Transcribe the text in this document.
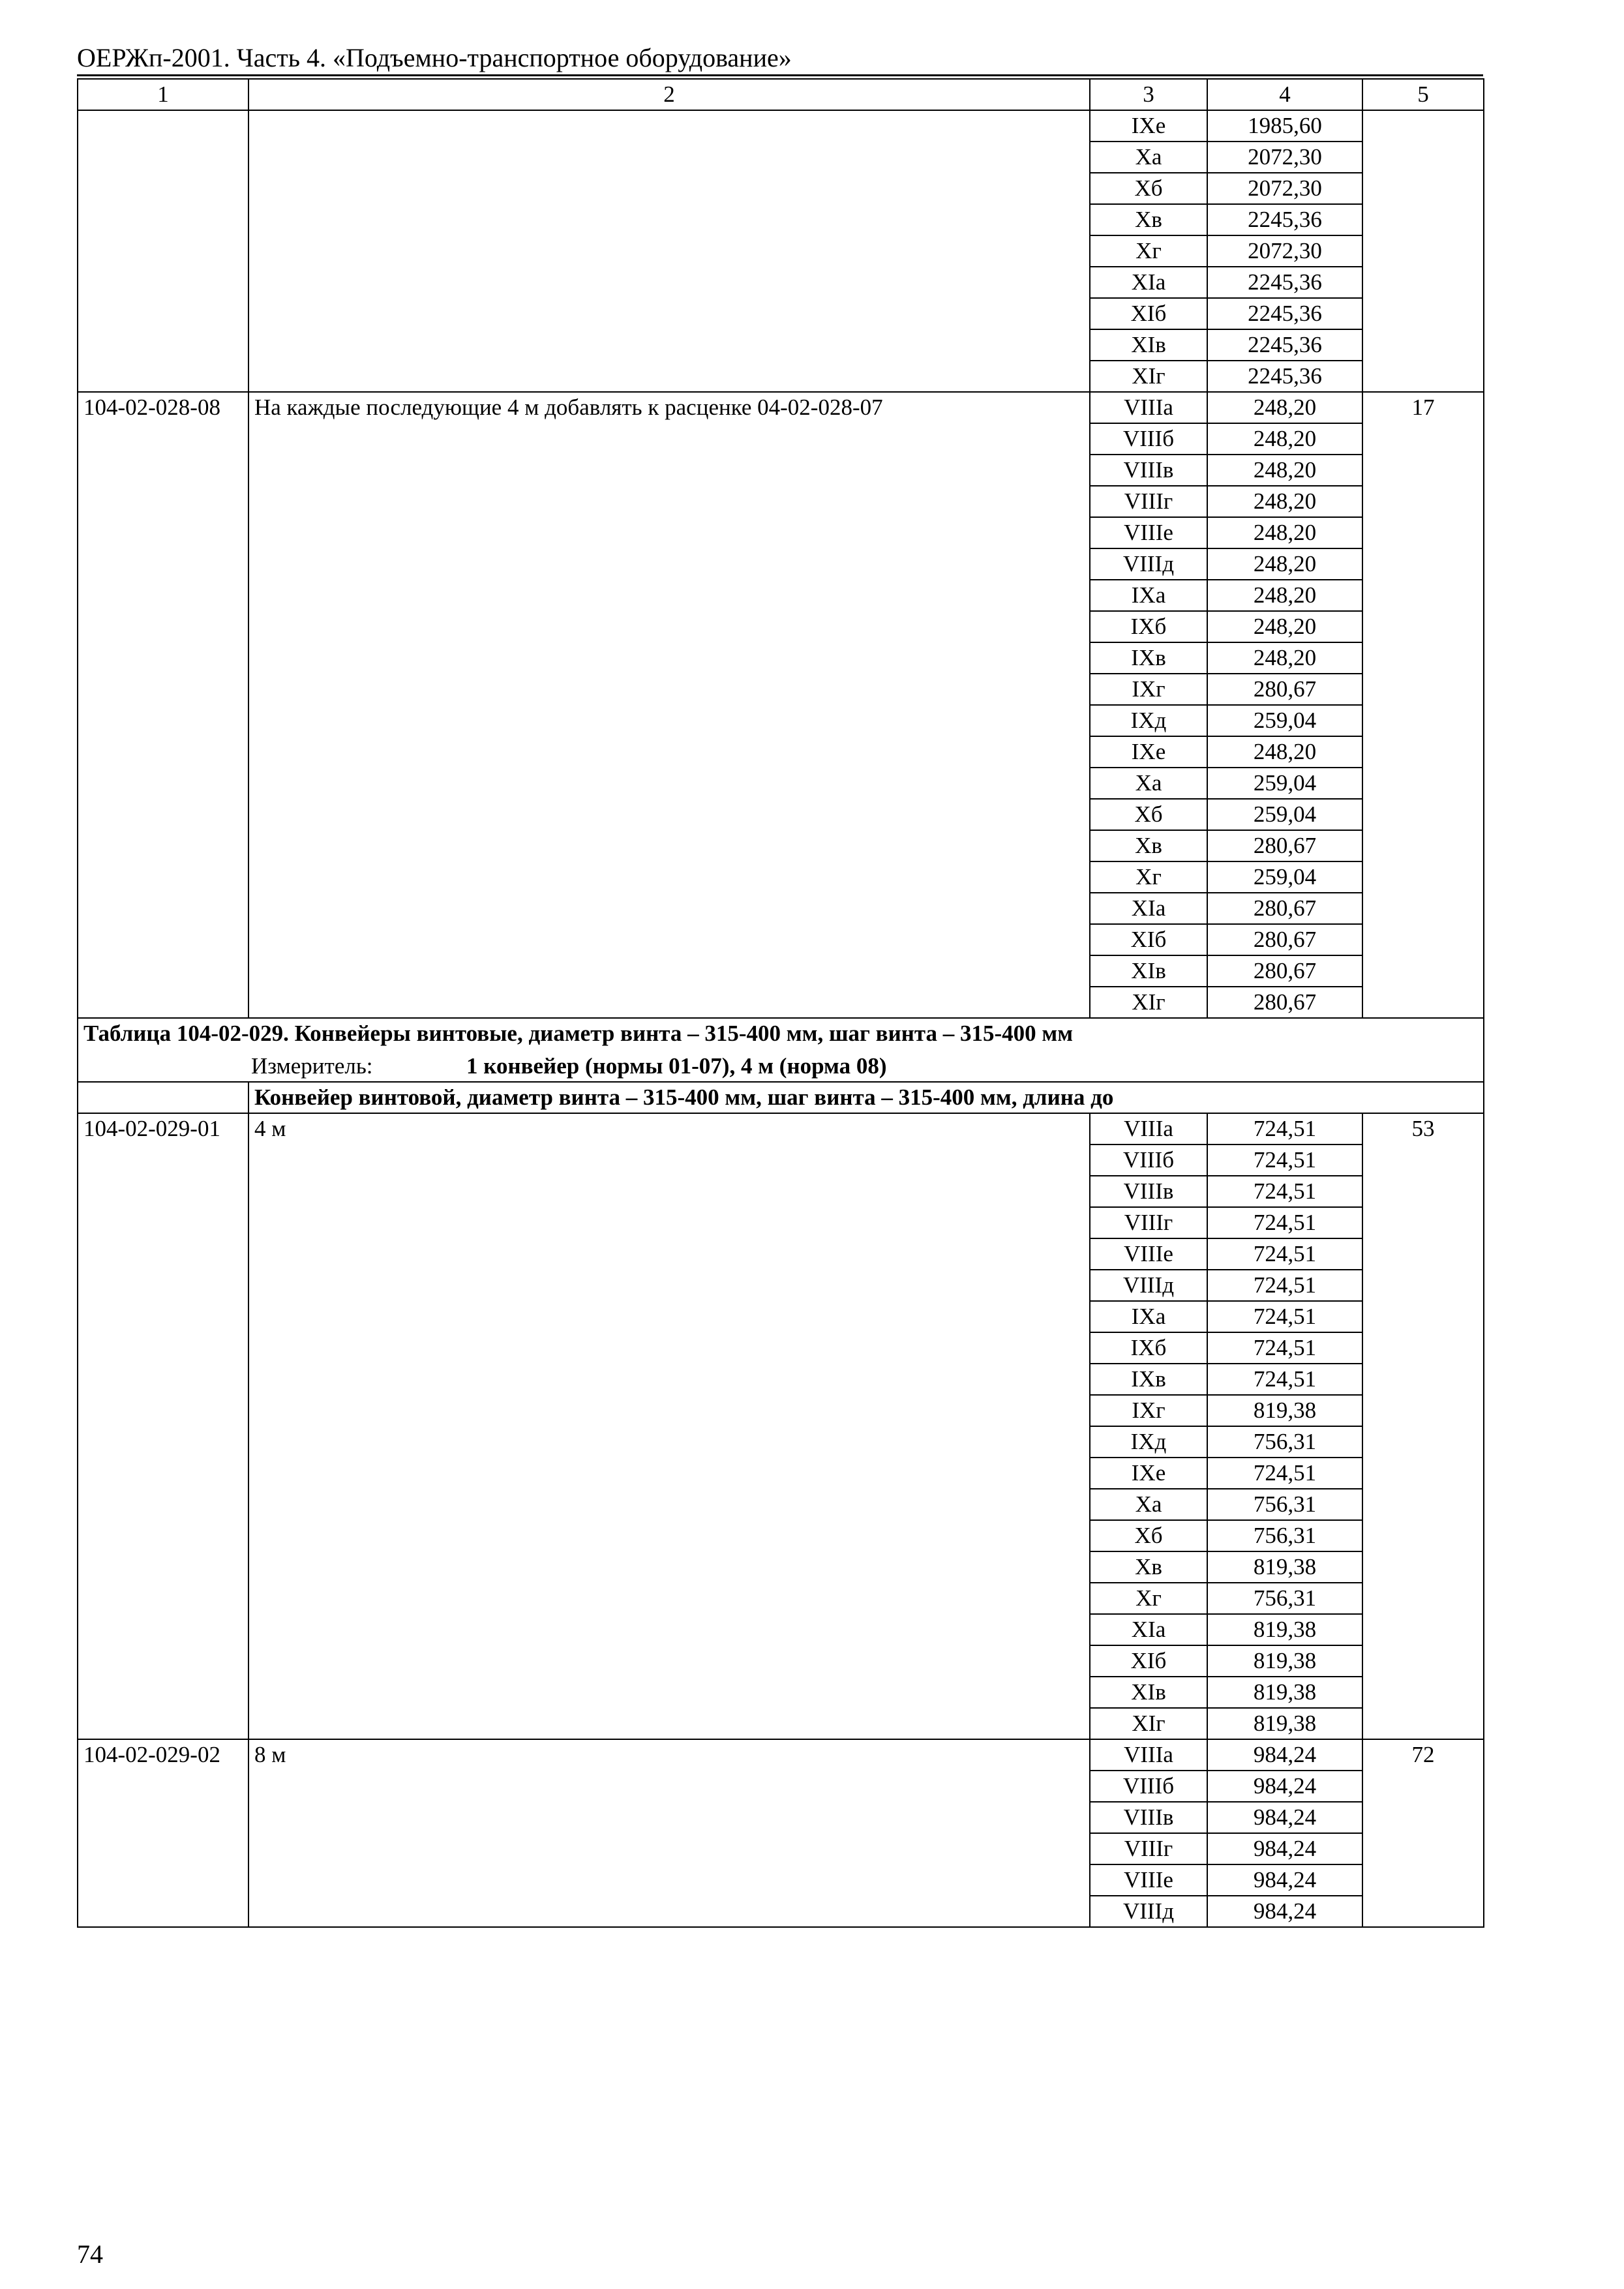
ОЕРЖп-2001. Часть 4. «Подъемно-транспортное оборудование»
1	2	3	4	5
		IXе	1985,60	
		Xа	2072,30	
		Xб	2072,30	
		Xв	2245,36	
		Xг	2072,30	
		XIа	2245,36	
		XIб	2245,36	
		XIв	2245,36	
		XIг	2245,36	
104-02-028-08	На каждые последующие 4 м добавлять к расценке 04-02-028-07	VIIIа	248,20	17
		VIIIб	248,20	
		VIIIв	248,20	
		VIIIг	248,20	
		VIIIе	248,20	
		VIIIд	248,20	
		IXа	248,20	
		IXб	248,20	
		IXв	248,20	
		IXг	280,67	
		IXд	259,04	
		IXе	248,20	
		Xа	259,04	
		Xб	259,04	
		Xв	280,67	
		Xг	259,04	
		XIа	280,67	
		XIб	280,67	
		XIв	280,67	
		XIг	280,67	

Таблица 104-02-029. Конвейеры винтовые, диаметр винта – 315-400 мм, шаг винта – 315-400 мм
Измеритель: 1 конвейер (нормы 01-07), 4 м (норма 08)				

	Конвейер винтовой, диаметр винта – 315-400 мм, шаг винта – 315-400 мм, длина до			
104-02-029-01	4 м	VIIIа	724,51	53
		VIIIб	724,51	
		VIIIв	724,51	
		VIIIг	724,51	
		VIIIе	724,51	
		VIIIд	724,51	
		IXа	724,51	
		IXб	724,51	
		IXв	724,51	
		IXг	819,38	
		IXд	756,31	
		IXе	724,51	
		Xа	756,31	
		Xб	756,31	
		Xв	819,38	
		Xг	756,31	
		XIа	819,38	
		XIб	819,38	
		XIв	819,38	
		XIг	819,38	
104-02-029-02	8 м	VIIIа	984,24	72
		VIIIб	984,24	
		VIIIв	984,24	
		VIIIг	984,24	
		VIIIе	984,24	
		VIIIд	984,24	
74
